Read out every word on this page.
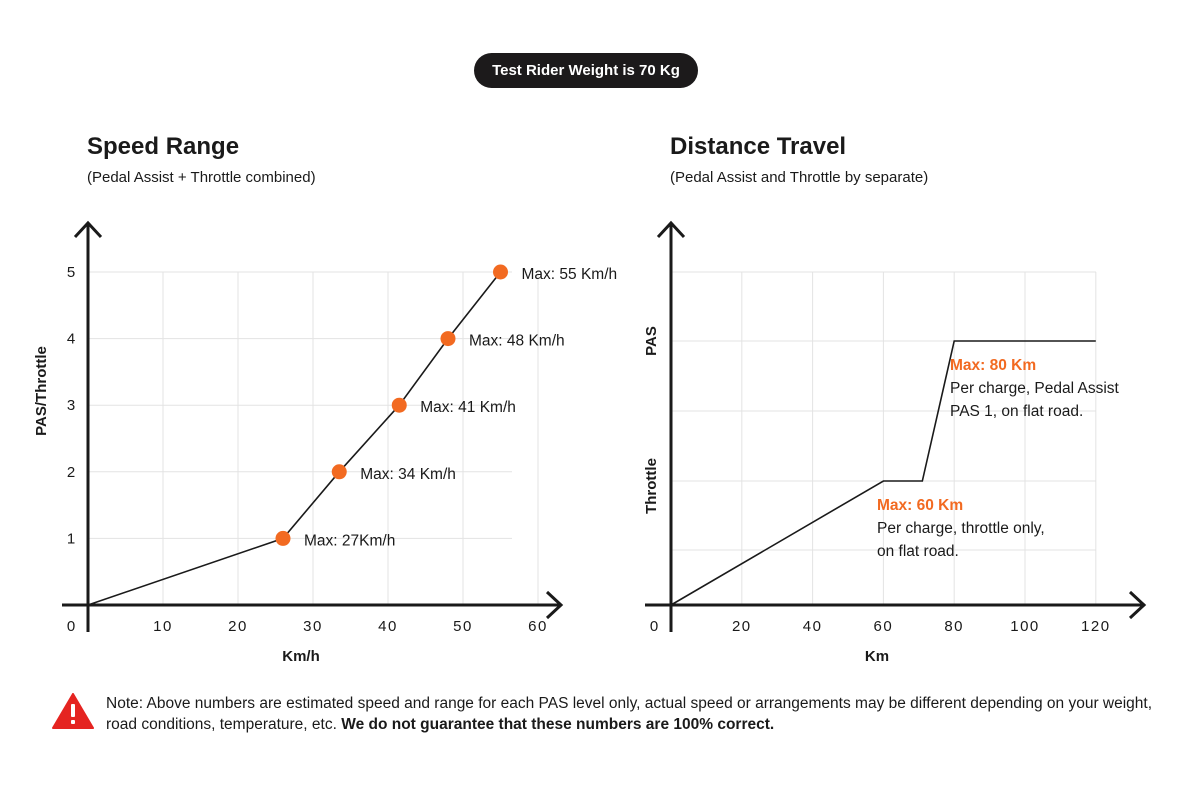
Test Rider Weight is 70 Kg
Speed Range

(Pedal Assist + Throttle combined)

Distance Travel

(Pedal Assist and Throttle by separate)

10	20	30	40	50	60
1
2
3
4
5
0
Km/h
PAS/Throttle
Max: 27Km/h
Max: 34 Km/h
Max: 41 Km/h
Max: 48 Km/h
Max: 55 Km/h
20	40	60	80	100	120
0
Throttle
PAS
Km
Max: 80 Km
Per charge, Pedal Assist
PAS 1, on flat road.
Max: 60 Km
Per charge, throttle only,
on flat road.
Note: Above numbers are estimated speed and range for each PAS level only, actual speed or arrangements may be different depending on your weight, road conditions, temperature, etc. We do not guarantee that these numbers are 100% correct.
